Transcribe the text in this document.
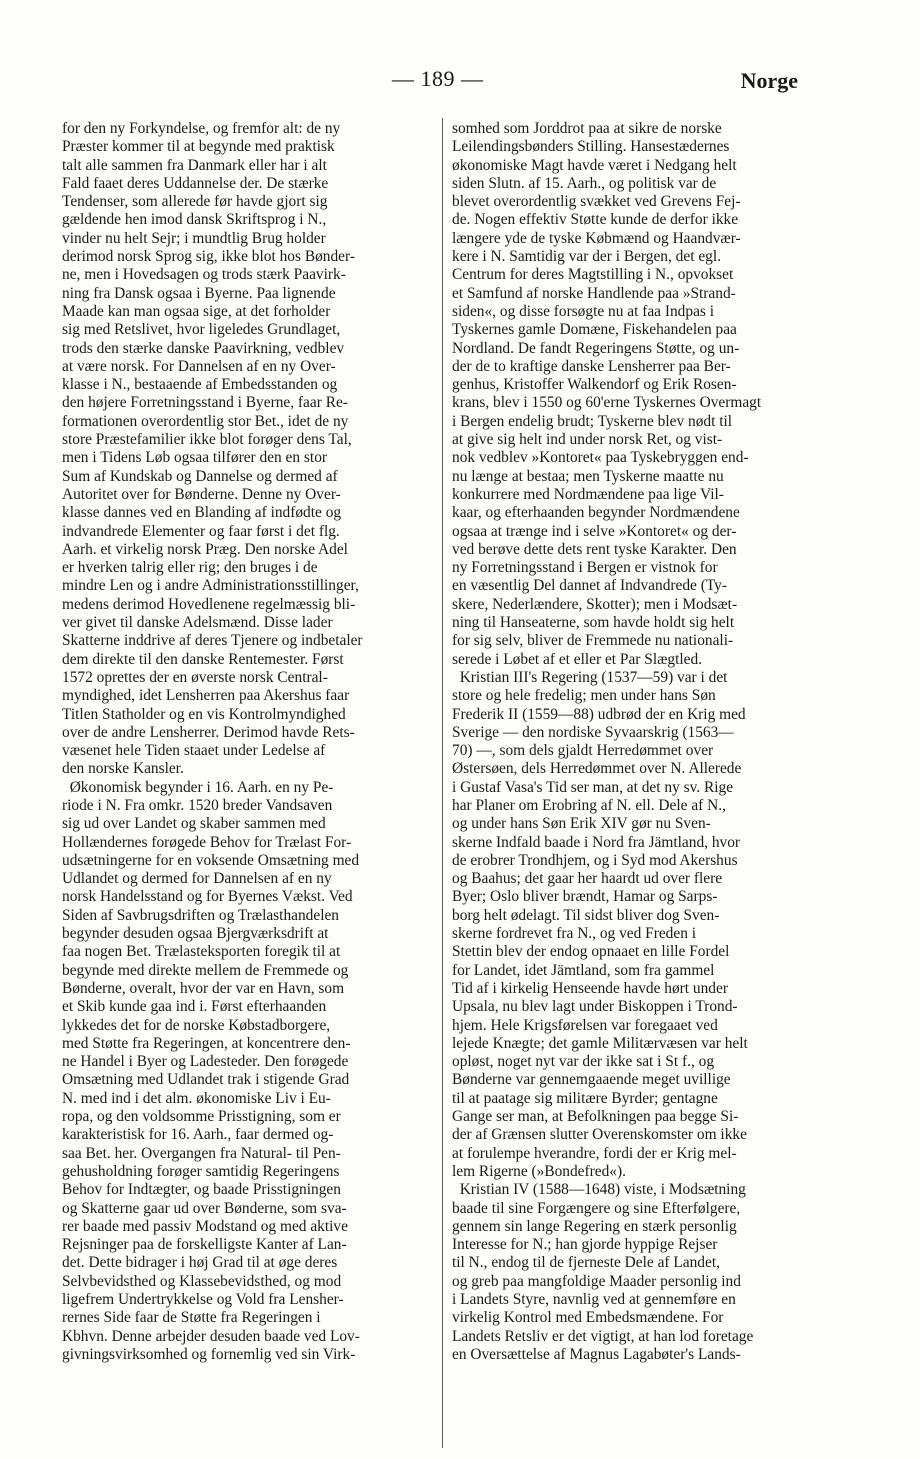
— 189 —	Norge
for den ny Forkyndelse, og fremfor alt: de ny
Præster kommer til at begynde med praktisk
talt alle sammen fra Danmark eller har i alt
Fald faaet deres Uddannelse der. De stærke
Tendenser, som allerede før havde gjort sig
gældende hen imod dansk Skriftsprog i N.,
vinder nu helt Sejr; i mundtlig Brug holder
derimod norsk Sprog sig, ikke blot hos Bønder-
ne, men i Hovedsagen og trods stærk Paavirk-
ning fra Dansk ogsaa i Byerne. Paa lignende
Maade kan man ogsaa sige, at det forholder
sig med Retslivet, hvor ligeledes Grundlaget,
trods den stærke danske Paavirkning, vedblev
at være norsk. For Dannelsen af en ny Over-
klasse i N., bestaaende af Embedsstanden og
den højere Forretningsstand i Byerne, faar Re-
formationen overordentlig stor Bet., idet de ny
store Præstefamilier ikke blot forøger dens Tal,
men i Tidens Løb ogsaa tilfører den en stor
Sum af Kundskab og Dannelse og dermed af
Autoritet over for Bønderne. Denne ny Over-
klasse dannes ved en Blanding af indfødte og
indvandrede Elementer og faar først i det flg.
Aarh. et virkelig norsk Præg. Den norske Adel
er hverken talrig eller rig; den bruges i de
mindre Len og i andre Administrationsstillinger,
medens derimod Hovedlenene regelmæssig bli-
ver givet til danske Adelsmænd. Disse lader
Skatterne inddrive af deres Tjenere og indbetaler
dem direkte til den danske Rentemester. Først
1572 oprettes der en øverste norsk Central-
myndighed, idet Lensherren paa Akershus faar
Titlen Statholder og en vis Kontrolmyndighed
over de andre Lensherrer. Derimod havde Rets-
væsenet hele Tiden staaet under Ledelse af
den norske Kansler.
Økonomisk begynder i 16. Aarh. en ny Pe-
riode i N. Fra omkr. 1520 breder Vandsaven
sig ud over Landet og skaber sammen med
Hollændernes forøgede Behov for Trælast For-
udsætningerne for en voksende Omsætning med
Udlandet og dermed for Dannelsen af en ny
norsk Handelsstand og for Byernes Vækst. Ved
Siden af Savbrugsdriften og Trælasthandelen
begynder desuden ogsaa Bjergværksdrift at
faa nogen Bet. Trælasteksporten foregik til at
begynde med direkte mellem de Fremmede og
Bønderne, overalt, hvor der var en Havn, som
et Skib kunde gaa ind i. Først efterhaanden
lykkedes det for de norske Købstadborgere,
med Støtte fra Regeringen, at koncentrere den-
ne Handel i Byer og Ladesteder. Den forøgede
Omsætning med Udlandet trak i stigende Grad
N. med ind i det alm. økonomiske Liv i Eu-
ropa, og den voldsomme Prisstigning, som er
karakteristisk for 16. Aarh., faar dermed og-
saa Bet. her. Overgangen fra Natural- til Pen-
gehusholdning forøger samtidig Regeringens
Behov for Indtægter, og baade Prisstigningen
og Skatterne gaar ud over Bønderne, som sva-
rer baade med passiv Modstand og med aktive
Rejsninger paa de forskelligste Kanter af Lan-
det. Dette bidrager i høj Grad til at øge deres
Selvbevidsthed og Klassebevidsthed, og mod
ligefrem Undertrykkelse og Vold fra Lensher-
rernes Side faar de Støtte fra Regeringen i
Kbhvn. Denne arbejder desuden baade ved Lov-
givningsvirksomhed og fornemlig ved sin Virk-
somhed som Jorddrot paa at sikre de norske
Leilendingsbønders Stilling. Hansestædernes
økonomiske Magt havde været i Nedgang helt
siden Slutn. af 15. Aarh., og politisk var de
blevet overordentlig svækket ved Grevens Fej-
de. Nogen effektiv Støtte kunde de derfor ikke
længere yde de tyske Købmænd og Haandvær-
kere i N. Samtidig var der i Bergen, det egl.
Centrum for deres Magtstilling i N., opvokset
et Samfund af norske Handlende paa »Strand-
siden«, og disse forsøgte nu at faa Indpas i
Tyskernes gamle Domæne, Fiskehandelen paa
Nordland. De fandt Regeringens Støtte, og un-
der de to kraftige danske Lensherrer paa Ber-
genhus, Kristoffer Walkendorf og Erik Rosen-
krans, blev i 1550 og 60'erne Tyskernes Overmagt
i Bergen endelig brudt; Tyskerne blev nødt til
at give sig helt ind under norsk Ret, og vist-
nok vedblev »Kontoret« paa Tyskebryggen end-
nu længe at bestaa; men Tyskerne maatte nu
konkurrere med Nordmændene paa lige Vil-
kaar, og efterhaanden begynder Nordmændene
ogsaa at trænge ind i selve »Kontoret« og der-
ved berøve dette dets rent tyske Karakter. Den
ny Forretningsstand i Bergen er vistnok for
en væsentlig Del dannet af Indvandrede (Ty-
skere, Nederlændere, Skotter); men i Modsæt-
ning til Hanseaterne, som havde holdt sig helt
for sig selv, bliver de Fremmede nu nationali-
serede i Løbet af et eller et Par Slægtled.
Kristian III's Regering (1537—59) var i det
store og hele fredelig; men under hans Søn
Frederik II (1559—88) udbrød der en Krig med
Sverige — den nordiske Syvaarskrig (1563—
70) —, som dels gjaldt Herredømmet over
Østersøen, dels Herredømmet over N. Allerede
i Gustaf Vasa's Tid ser man, at det ny sv. Rige
har Planer om Erobring af N. ell. Dele af N.,
og under hans Søn Erik XIV gør nu Sven-
skerne Indfald baade i Nord fra Jämtland, hvor
de erobrer Trondhjem, og i Syd mod Akershus
og Baahus; det gaar her haardt ud over flere
Byer; Oslo bliver brændt, Hamar og Sarps-
borg helt ødelagt. Til sidst bliver dog Sven-
skerne fordrevet fra N., og ved Freden i
Stettin blev der endog opnaaet en lille Fordel
for Landet, idet Jämtland, som fra gammel
Tid af i kirkelig Henseende havde hørt under
Upsala, nu blev lagt under Biskoppen i Trond-
hjem. Hele Krigsførelsen var foregaaet ved
lejede Knægte; det gamle Militærvæsen var helt
opløst, noget nyt var der ikke sat i St f., og
Bønderne var gennemgaaende meget uvillige
til at paatage sig militære Byrder; gentagne
Gange ser man, at Befolkningen paa begge Si-
der af Grænsen slutter Overenskomster om ikke
at forulempe hverandre, fordi der er Krig mel-
lem Rigerne (»Bondefred«).
Kristian IV (1588—1648) viste, i Modsætning
baade til sine Forgængere og sine Efterfølgere,
gennem sin lange Regering en stærk personlig
Interesse for N.; han gjorde hyppige Rejser
til N., endog til de fjerneste Dele af Landet,
og greb paa mangfoldige Maader personlig ind
i Landets Styre, navnlig ved at gennemføre en
virkelig Kontrol med Embedsmændene. For
Landets Retsliv er det vigtigt, at han lod foretage
en Oversættelse af Magnus Lagabøter's Lands-
